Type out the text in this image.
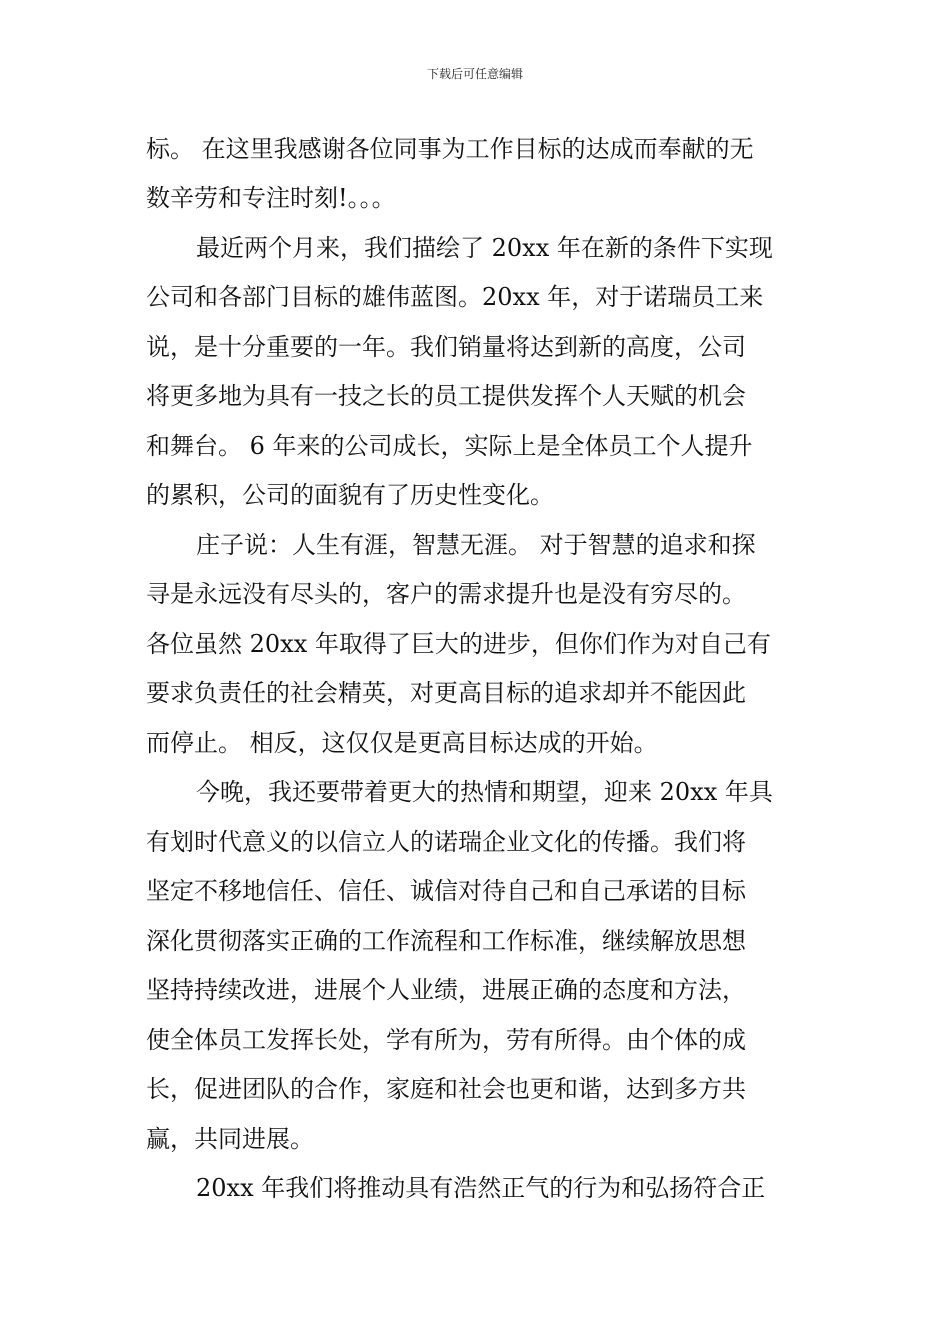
下载后可任意编辑
标。 在这里我感谢各位同事为工作目标的达成而奉献的无
数辛劳和专注时刻!。。。
最近两个月来，我们描绘了 20xx 年在新的条件下实现
公司和各部门目标的雄伟蓝图。20xx 年，对于诺瑞员工来
说，是十分重要的一年。我们销量将达到新的高度，公司
将更多地为具有一技之长的员工提供发挥个人天赋的机会
和舞台。 6 年来的公司成长，实际上是全体员工个人提升
的累积，公司的面貌有了历史性变化。
庄子说：人生有涯，智慧无涯。 对于智慧的追求和探
寻是永远没有尽头的，客户的需求提升也是没有穷尽的。
各位虽然 20xx 年取得了巨大的进步，但你们作为对自己有
要求负责任的社会精英，对更高目标的追求却并不能因此
而停止。 相反，这仅仅是更高目标达成的开始。
今晚，我还要带着更大的热情和期望，迎来 20xx 年具
有划时代意义的以信立人的诺瑞企业文化的传播。我们将
坚定不移地信任、信任、诚信对待自己和自己承诺的目标
深化贯彻落实正确的工作流程和工作标准，继续解放思想
坚持持续改进，进展个人业绩，进展正确的态度和方法，
使全体员工发挥长处，学有所为，劳有所得。由个体的成
长，促进团队的合作，家庭和社会也更和谐，达到多方共
赢，共同进展。
20xx 年我们将推动具有浩然正气的行为和弘扬符合正
